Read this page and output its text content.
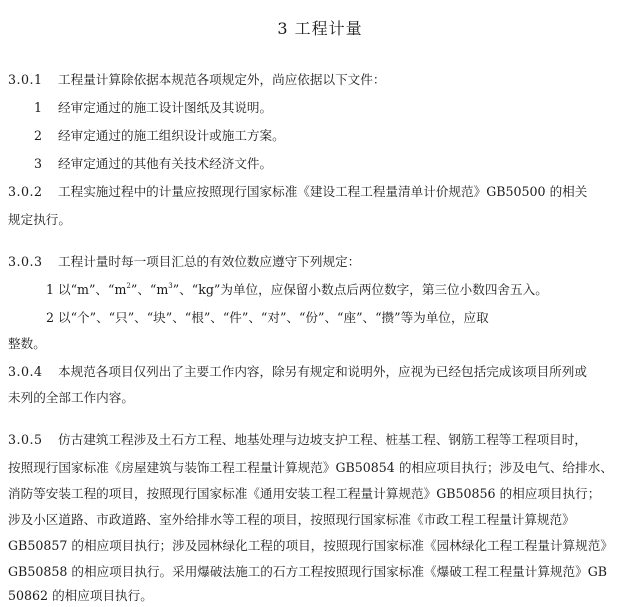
3 工程计量
3.0.1 工程量计算除依据本规范各项规定外，尚应依据以下文件：
1 经审定通过的施工设计图纸及其说明。
2 经审定通过的施工组织设计或施工方案。
3 经审定通过的其他有关技术经济文件。
3.0.2 工程实施过程中的计量应按照现行国家标准《建设工程工程量清单计价规范》GB50500 的相关
规定执行。
3.0.3 工程计量时每一项目汇总的有效位数应遵守下列规定：
1 以“m”、“$m^2$”、“$m^3$”、“kg”为单位，应保留小数点后两位数字，第三位小数四舍五入。
2 以“个”、“只”、“块”、“根”、“件”、“对”、“份”、“座”、“攒”等为单位，应取
整数。
3.0.4 本规范各项目仅列出了主要工作内容，除另有规定和说明外，应视为已经包括完成该项目所列或
未列的全部工作内容。
3.0.5 仿古建筑工程涉及土石方工程、地基处理与边坡支护工程、桩基工程、钢筋工程等工程项目时，
按照现行国家标准《房屋建筑与装饰工程工程量计算规范》GB50854 的相应项目执行；涉及电气、给排水、
消防等安装工程的项目，按照现行国家标准《通用安装工程工程量计算规范》GB50856 的相应项目执行；
涉及小区道路、市政道路、室外给排水等工程的项目，按照现行国家标准《市政工程工程量计算规范》
GB50857 的相应项目执行；涉及园林绿化工程的项目，按照现行国家标准《园林绿化工程工程量计算规范》
GB50858 的相应项目执行。采用爆破法施工的石方工程按照现行国家标准《爆破工程工程量计算规范》GB
50862 的相应项目执行。
